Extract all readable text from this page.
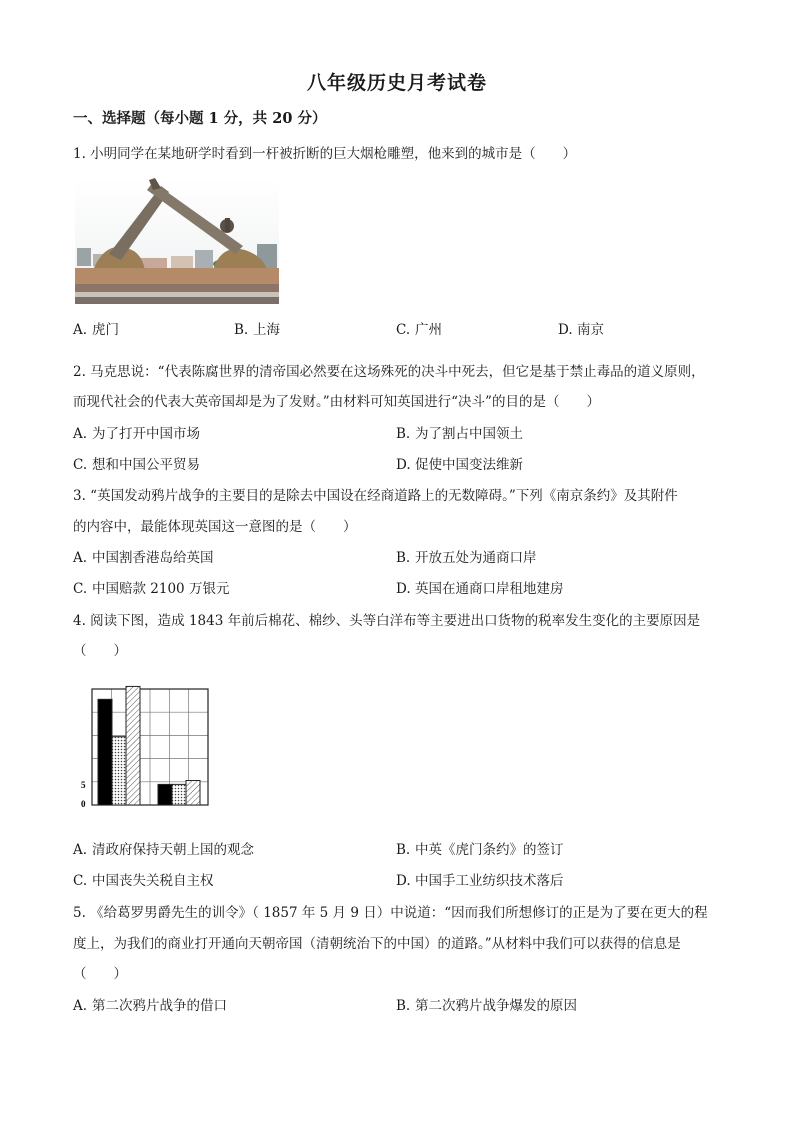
八年级历史月考试卷
一、选择题（每小题 1 分，共 20 分）
1. 小明同学在某地研学时看到一杆被折断的巨大烟枪雕塑，他来到的城市是（　　）
A. 虎门	B. 上海	C. 广州	D. 南京
2. 马克思说：“代表陈腐世界的清帝国必然要在这场殊死的决斗中死去，但它是基于禁止毒品的道义原则，
而现代社会的代表大英帝国却是为了发财。”由材料可知英国进行“决斗”的目的是（　　）
A. 为了打开中国市场	B. 为了割占中国领土
C. 想和中国公平贸易	D. 促使中国变法维新
3. “英国发动鸦片战争的主要目的是除去中国设在经商道路上的无数障碍。”下列《南京条约》及其附件
的内容中，最能体现英国这一意图的是（　　）
A. 中国割香港岛给英国	B. 开放五处为通商口岸
C. 中国赔款 2100 万银元	D. 英国在通商口岸租地建房
4. 阅读下图，造成 1843 年前后棉花、棉纱、头等白洋布等主要进出口货物的税率发生变化的主要原因是
（　　）
5
0
A. 清政府保持天朝上国的观念	B. 中英《虎门条约》的签订
C. 中国丧失关税自主权	D. 中国手工业纺织技术落后
5. 《给葛罗男爵先生的训令》（ 1857 年 5 月 9 日）中说道：“因而我们所想修订的正是为了要在更大的程
度上，为我们的商业打开通向天朝帝国（清朝统治下的中国）的道路。”从材料中我们可以获得的信息是
（　　）
A. 第二次鸦片战争的借口	B. 第二次鸦片战争爆发的原因
